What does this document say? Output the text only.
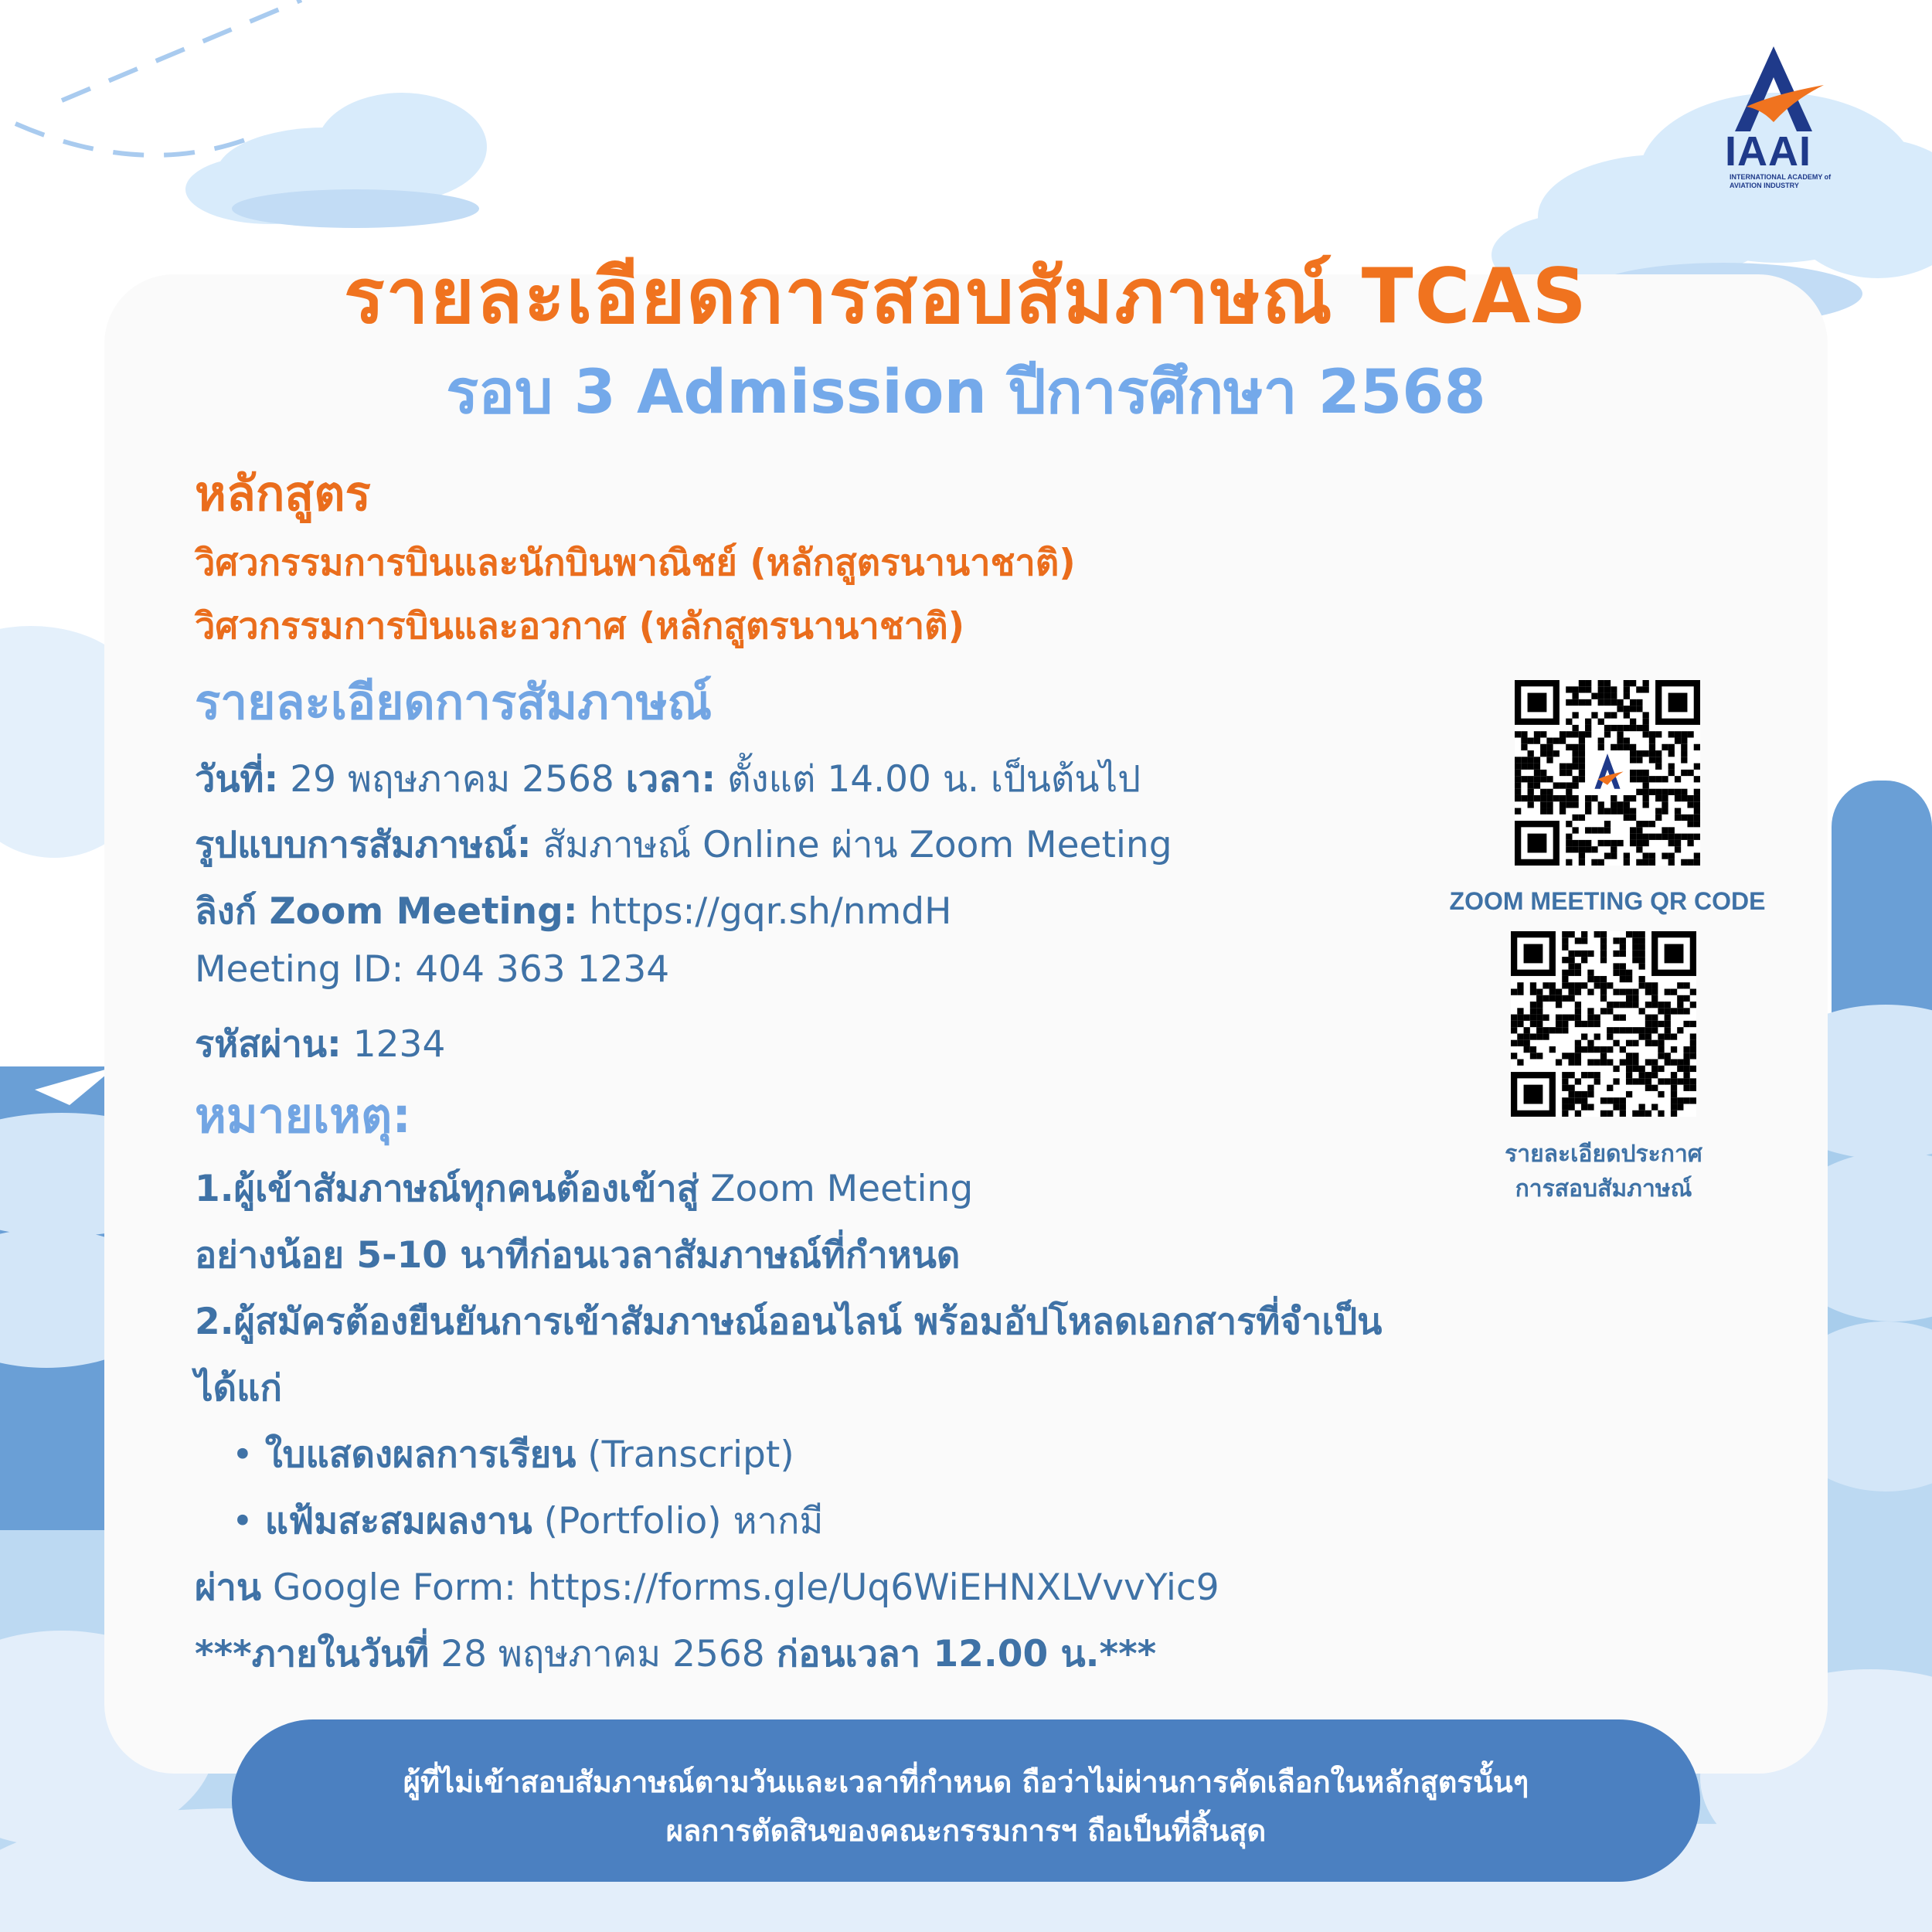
IAAI
INTERNATIONAL ACADEMY of AVIATION INDUSTRY
รายละเอียดการสอบสัมภาษณ์ TCAS
รอบ 3 Admission ปีการศึกษา 2568
หลักสูตร
วิศวกรรมการบินและนักบินพาณิชย์ (หลักสูตรนานาชาติ)
วิศวกรรมการบินและอวกาศ (หลักสูตรนานาชาติ)
รายละเอียดการสัมภาษณ์
วันที่: 29 พฤษภาคม 2568 เวลา: ตั้งแต่ 14.00 น. เป็นต้นไป
รูปแบบการสัมภาษณ์: สัมภาษณ์ Online ผ่าน Zoom Meeting
ลิงก์ Zoom Meeting: https://gqr.sh/nmdH
Meeting ID: 404 363 1234
รหัสผ่าน: 1234
หมายเหตุ:
1.ผู้เข้าสัมภาษณ์ทุกคนต้องเข้าสู่ Zoom Meeting
อย่างน้อย 5-10 นาทีก่อนเวลาสัมภาษณ์ที่กำหนด
2.ผู้สมัครต้องยืนยันการเข้าสัมภาษณ์ออนไลน์ พร้อมอัปโหลดเอกสารที่จำเป็น
ได้แก่
• ใบแสดงผลการเรียน (Transcript)
• แฟ้มสะสมผลงาน (Portfolio) หากมี
ผ่าน Google Form: https://forms.gle/Uq6WiEHNXLVvvYic9
***ภายในวันที่ 28 พฤษภาคม 2568 ก่อนเวลา 12.00 น.***
ZOOM MEETING QR CODE
รายละเอียดประกาศ
การสอบสัมภาษณ์
ผู้ที่ไม่เข้าสอบสัมภาษณ์ตามวันและเวลาที่กำหนด ถือว่าไม่ผ่านการคัดเลือกในหลักสูตรนั้นๆ
ผลการตัดสินของคณะกรรมการฯ ถือเป็นที่สิ้นสุด
